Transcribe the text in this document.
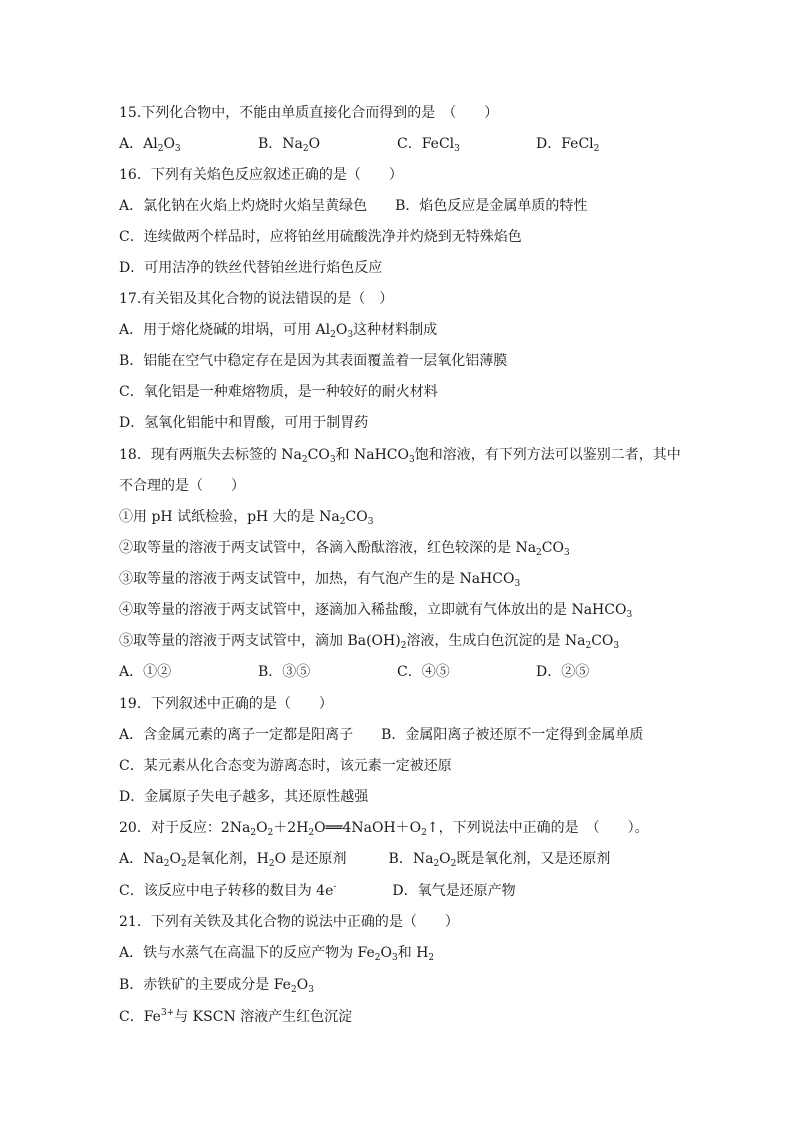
15.下列化合物中，不能由单质直接化合而得到的是　（　　）
A．$Al_2O_3$	B．$Na_2O$	C．FeCl$_3$	D．FeCl$_2$
16．下列有关焰色反应叙述正确的是（　　）
A．氯化钠在火焰上灼烧时火焰呈黄绿色　　B．焰色反应是金属单质的特性
C．连续做两个样品时，应将铂丝用硫酸洗净并灼烧到无特殊焰色
D．可用洁净的铁丝代替铂丝进行焰色反应
17.有关铝及其化合物的说法错误的是（　）
A．用于熔化烧碱的坩埚，可用 $Al_2O_3$这种材料制成
B．铝能在空气中稳定存在是因为其表面覆盖着一层氧化铝薄膜
C．氧化铝是一种难熔物质，是一种较好的耐火材料
D．氢氧化铝能中和胃酸，可用于制胃药
18．现有两瓶失去标签的 $Na_2CO_3$和 NaHCO$_3$饱和溶液，有下列方法可以鉴别二者，其中
不合理的是（　　）
①用 pH 试纸检验，pH 大的是 $Na_2CO_3$
②取等量的溶液于两支试管中，各滴入酚酞溶液，红色较深的是 $Na_2CO_3$
③取等量的溶液于两支试管中，加热，有气泡产生的是 NaHCO$_3$
④取等量的溶液于两支试管中，逐滴加入稀盐酸，立即就有气体放出的是 NaHCO$_3$
⑤取等量的溶液于两支试管中，滴加 $Ba(OH)_2$溶液，生成白色沉淀的是 $Na_2CO_3$
A．①②	B．③⑤	C．④⑤	D．②⑤
19．下列叙述中正确的是（　　）
A．含金属元素的离子一定都是阳离子　　B．金属阳离子被还原不一定得到金属单质
C．某元素从化合态变为游离态时，该元素一定被还原
D．金属原子失电子越多，其还原性越强
20．对于反应：$2Na_2O_2+2H_2O══4NaOH+O_2↑$，下列说法中正确的是　（　　）。
A．$Na_2O_2$是氧化剂，$H_2O$ 是还原剂　　　B．$Na_2O_2$既是氧化剂，又是还原剂
C．该反应中电子转移的数目为 4e-　　　　D．氧气是还原产物
21．下列有关铁及其化合物的说法中正确的是（　　）
A．铁与水蒸气在高温下的反应产物为 $Fe_2O_3$和 $H_2$
B．赤铁矿的主要成分是 $Fe_2O_3$
C．$Fe^{3+}$与 KSCN 溶液产生红色沉淀
